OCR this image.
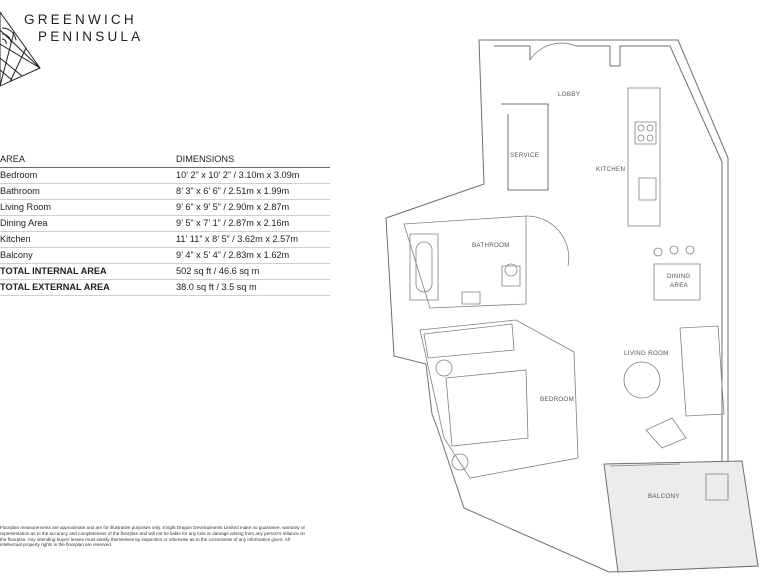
GREENWICH
PENINSULA
AREA	DIMENSIONS
Bedroom	10’ 2” x 10’ 2” / 3.10m x 3.09m
Bathroom	8’ 3” x 6’ 6” / 2.51m x 1.99m
Living Room	9’ 6” x 9’ 5” / 2.90m x 2.87m
Dining Area	9’ 5” x 7’ 1” / 2.87m x 2.16m
Kitchen	11’ 11” x 8’ 5” / 3.62m x 2.57m
Balcony	9’ 4” x 5’ 4” / 2.83m x 1.62m
TOTAL INTERNAL AREA	502 sq ft / 46.6 sq m
TOTAL EXTERNAL AREA	38.0 sq ft / 3.5 sq m
Floorplan measurements are approximate and are for illustrative purposes only. Knight Dragon Developments Limited make no guarantee, warranty or representation as to the accuracy and completeness of the floorplan and will not be liable for any loss or damage arising from any person’s reliance on the floorplan. Any intending buyer/ lessee must satisfy themselves by inspection or otherwise as to the correctness of any information given. All intellectual property rights in the floorplan are reserved.
LOBBY
SERVICE
KITCHEN
BATHROOM
DINING
AREA
LIVING ROOM
BEDROOM
BALCONY
